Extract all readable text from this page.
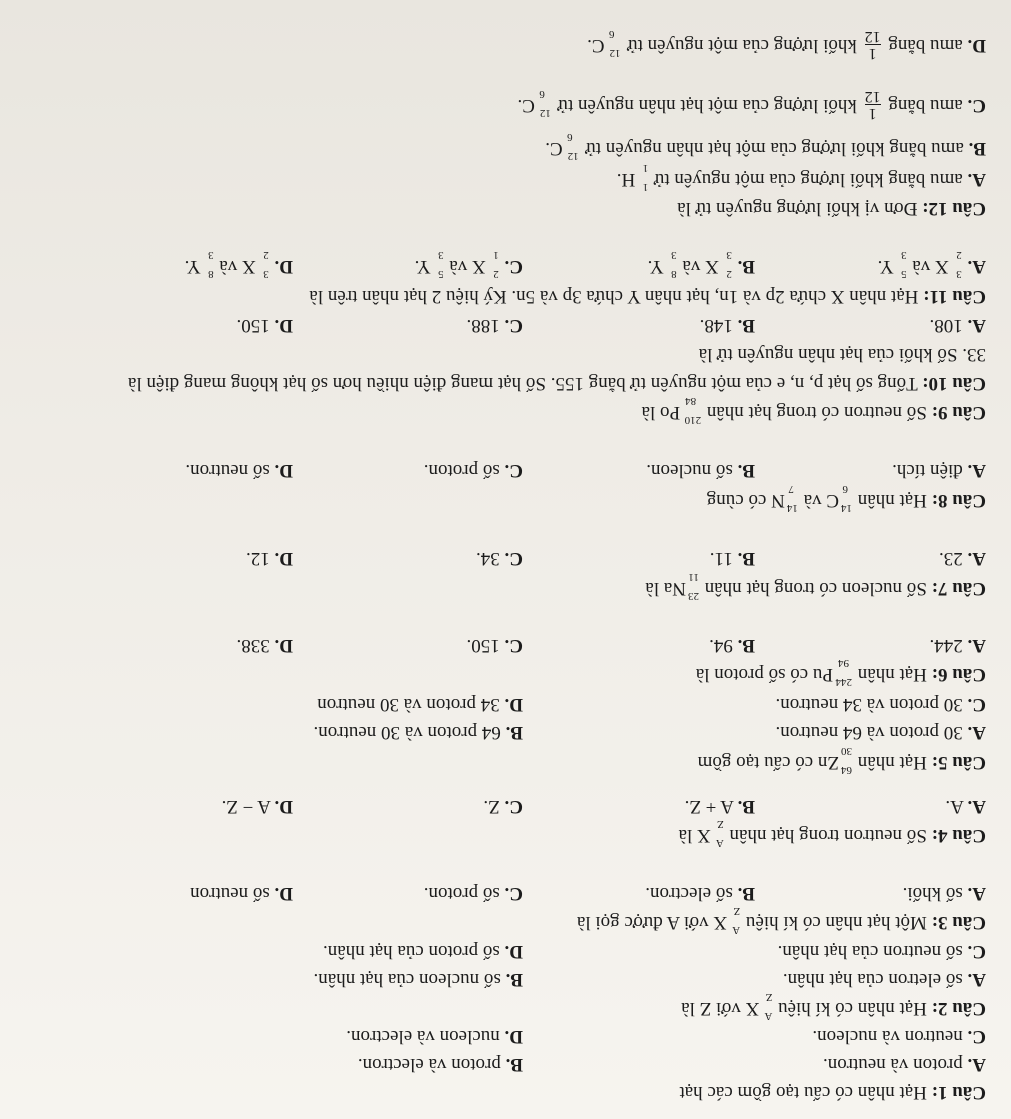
Câu 1: Hạt nhân có cấu tạo gồm các hạt
A. proton và neutron.
B. proton và electron.
C. neutron và nucleon.
D. nucleon và electron.
Câu 2: Hạt nhân có kí hiệu
A
Z
X với Z là
A. số eletron của hạt nhân.
B. số nucleon của hạt nhân.
C. số neutron của hạt nhân.
D. số proton của hạt nhân.
Câu 3: Một hạt nhân có kí hiệu
A
Z
X với A được gọi là
A. số khối.
B. số electron.
C. số proton.
D. số neutron
Câu 4: Số neutron trong hạt nhân
A
Z
X là
A. A.
B. A + Z.
C. Z.
D. A − Z.
Câu 5: Hạt nhân
64
30
Zn có cấu tạo gồm
A. 30 proton và 64 neutron.
B. 64 proton và 30 neutron.
C. 30 proton và 34 neutron.
D. 34 proton và 30 neutron
Câu 6: Hạt nhân
244
94
Pu có số proton là
A. 244.
B. 94.
C. 150.
D. 338.
Câu 7: Số nucleon có trong hạt nhân
23
11
Na là
A. 23.
B. 11.
C. 34.
D. 12.
Câu 8: Hạt nhân
14
6
C và
14
7
N có cùng
A. điện tích.
B. số nucleon.
C. số proton.
D. số neutron.
Câu 9: Số neutron có trong hạt nhân
210
84
Po là
Câu 10: Tổng số hạt p, n, e của một nguyên tử bằng 155. Số hạt mang điện nhiều hơn số hạt không mang điện là
33. Số khối của hạt nhân nguyên tử là
A. 108.
B. 148.
C. 188.
D. 150.
Câu 11: Hạt nhân X chứa 2p và 1n, hạt nhân Y chứa 3p và 5n. Ký hiệu 2 hạt nhân trên là
A.
3
2
X và
5
3
Y.
B.
2
3
X và
8
3
Y.
C.
2
1
X và
5
3
Y.
D.
3
2
X và
8
3
Y.
Câu 12: Đơn vị khối lượng nguyên tử là
A. amu bằng khối lượng của một nguyên tử
1
1
H.
B. amu bằng khối lượng của một hạt nhân nguyên tử
12
6
C.
C. amu bằng
1
12
khối lượng của một hạt nhân nguyên tử
12
6
C.
D. amu bằng
1
12
khối lượng của một nguyên tử
12
6
C.
